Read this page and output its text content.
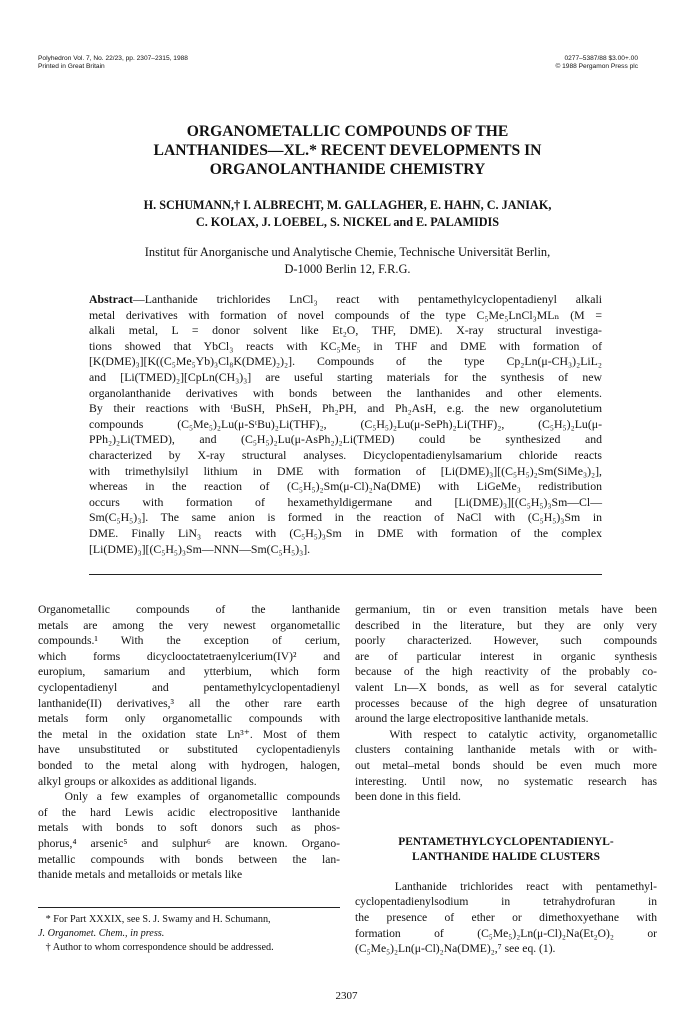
Polyhedron Vol. 7, No. 22/23, pp. 2307–2315, 1988
Printed in Great Britain
0277–5387/88 $3.00+.00
© 1988 Pergamon Press plc
ORGANOMETALLIC COMPOUNDS OF THE
LANTHANIDES—XL.* RECENT DEVELOPMENTS IN
ORGANOLANTHANIDE CHEMISTRY
H. SCHUMANN,† I. ALBRECHT, M. GALLAGHER, E. HAHN, C. JANIAK,
C. KOLAX, J. LOEBEL, S. NICKEL and E. PALAMIDIS
Institut für Anorganische und Analytische Chemie, Technische Universität Berlin,
D-1000 Berlin 12, F.R.G.
Abstract—Lanthanide trichlorides LnCl₃ react with pentamethylcyclopentadienyl alkali
metal derivatives with formation of novel compounds of the type C₅Me₅LnCl₃MLₙ (M =
alkali metal, L = donor solvent like Et₂O, THF, DME). X-ray structural investiga-
tions showed that YbCl₃ reacts with KC₅Me₅ in THF and DME with formation of
[K(DME)₃][K((C₅Me₅Yb)₃Cl₈K(DME)₂)₂]. Compounds of the type Cp₂Ln(μ-CH₃)₂LiL₂
and [Li(TMED)₂][CpLn(CH₃)₃] are useful starting materials for the synthesis of new
organolanthanide derivatives with bonds between the lanthanides and other elements.
By their reactions with ᵗBuSH, PhSeH, Ph₂PH, and Ph₂AsH, e.g. the new organolutetium
compounds (C₅Me₅)₂Lu(μ-SᵗBu)₂Li(THF)₂, (C₅H₅)₂Lu(μ-SePh)₂Li(THF)₂, (C₅H₅)₂Lu(μ-
PPh₂)₂Li(TMED), and (C₅H₅)₂Lu(μ-AsPh₂)₂Li(TMED) could be synthesized and
characterized by X-ray structural analyses. Dicyclopentadienylsamarium chloride reacts
with trimethylsilyl lithium in DME with formation of [Li(DME)₃][(C₅H₅)₂Sm(SiMe₃)₂],
whereas in the reaction of (C₅H₅)₂Sm(μ-Cl)₂Na(DME) with LiGeMe₃ redistribution
occurs with formation of hexamethyldigermane and [Li(DME)₃][(C₅H₅)₃Sm—Cl—
Sm(C₅H₅)₃]. The same anion is formed in the reaction of NaCl with (C₅H₅)₃Sm in
DME. Finally LiN₃ reacts with (C₅H₅)₃Sm in DME with formation of the complex
[Li(DME)₃][(C₅H₅)₃Sm—NNN—Sm(C₅H₅)₃].
Organometallic compounds of the lanthanide
metals are among the very newest organometallic
compounds.¹ With the exception of cerium,
which forms dicyclooctatetraenylcerium(IV)² and
europium, samarium and ytterbium, which form
cyclopentadienyl and pentamethylcyclopentadienyl
lanthanide(II) derivatives,³ all the other rare earth
metals form only organometallic compounds with
the metal in the oxidation state Ln³⁺. Most of them
have unsubstituted or substituted cyclopentadienyls
bonded to the metal along with hydrogen, halogen,
alkyl groups or alkoxides as additional ligands.
Only a few examples of organometallic compounds
of the hard Lewis acidic electropositive lanthanide
metals with bonds to soft donors such as phos-
phorus,⁴ arsenic⁵ and sulphur⁶ are known. Organo-
metallic compounds with bonds between the lan-
thanide metals and metalloids or metals like
germanium, tin or even transition metals have been
described in the literature, but they are only very
poorly characterized. However, such compounds
are of particular interest in organic synthesis
because of the high reactivity of the probably co-
valent Ln—X bonds, as well as for several catalytic
processes because of the high degree of unsaturation
around the large electropositive lanthanide metals.
With respect to catalytic activity, organometallic
clusters containing lanthanide metals with or with-
out metal–metal bonds should be even much more
interesting. Until now, no systematic research has
been done in this field.
PENTAMETHYLCYCLOPENTADIENYL-
LANTHANIDE HALIDE CLUSTERS
Lanthanide trichlorides react with pentamethyl-
cyclopentadienylsodium in tetrahydrofuran in
the presence of ether or dimethoxyethane with
formation of (C₅Me₅)₂Ln(μ-Cl)₂Na(Et₂O)₂ or
(C₅Me₅)₂Ln(μ-Cl)₂Na(DME)₂,⁷ see eq. (1).
* For Part XXXIX, see S. J. Swamy and H. Schumann,
J. Organomet. Chem., in press.
† Author to whom correspondence should be addressed.
2307
